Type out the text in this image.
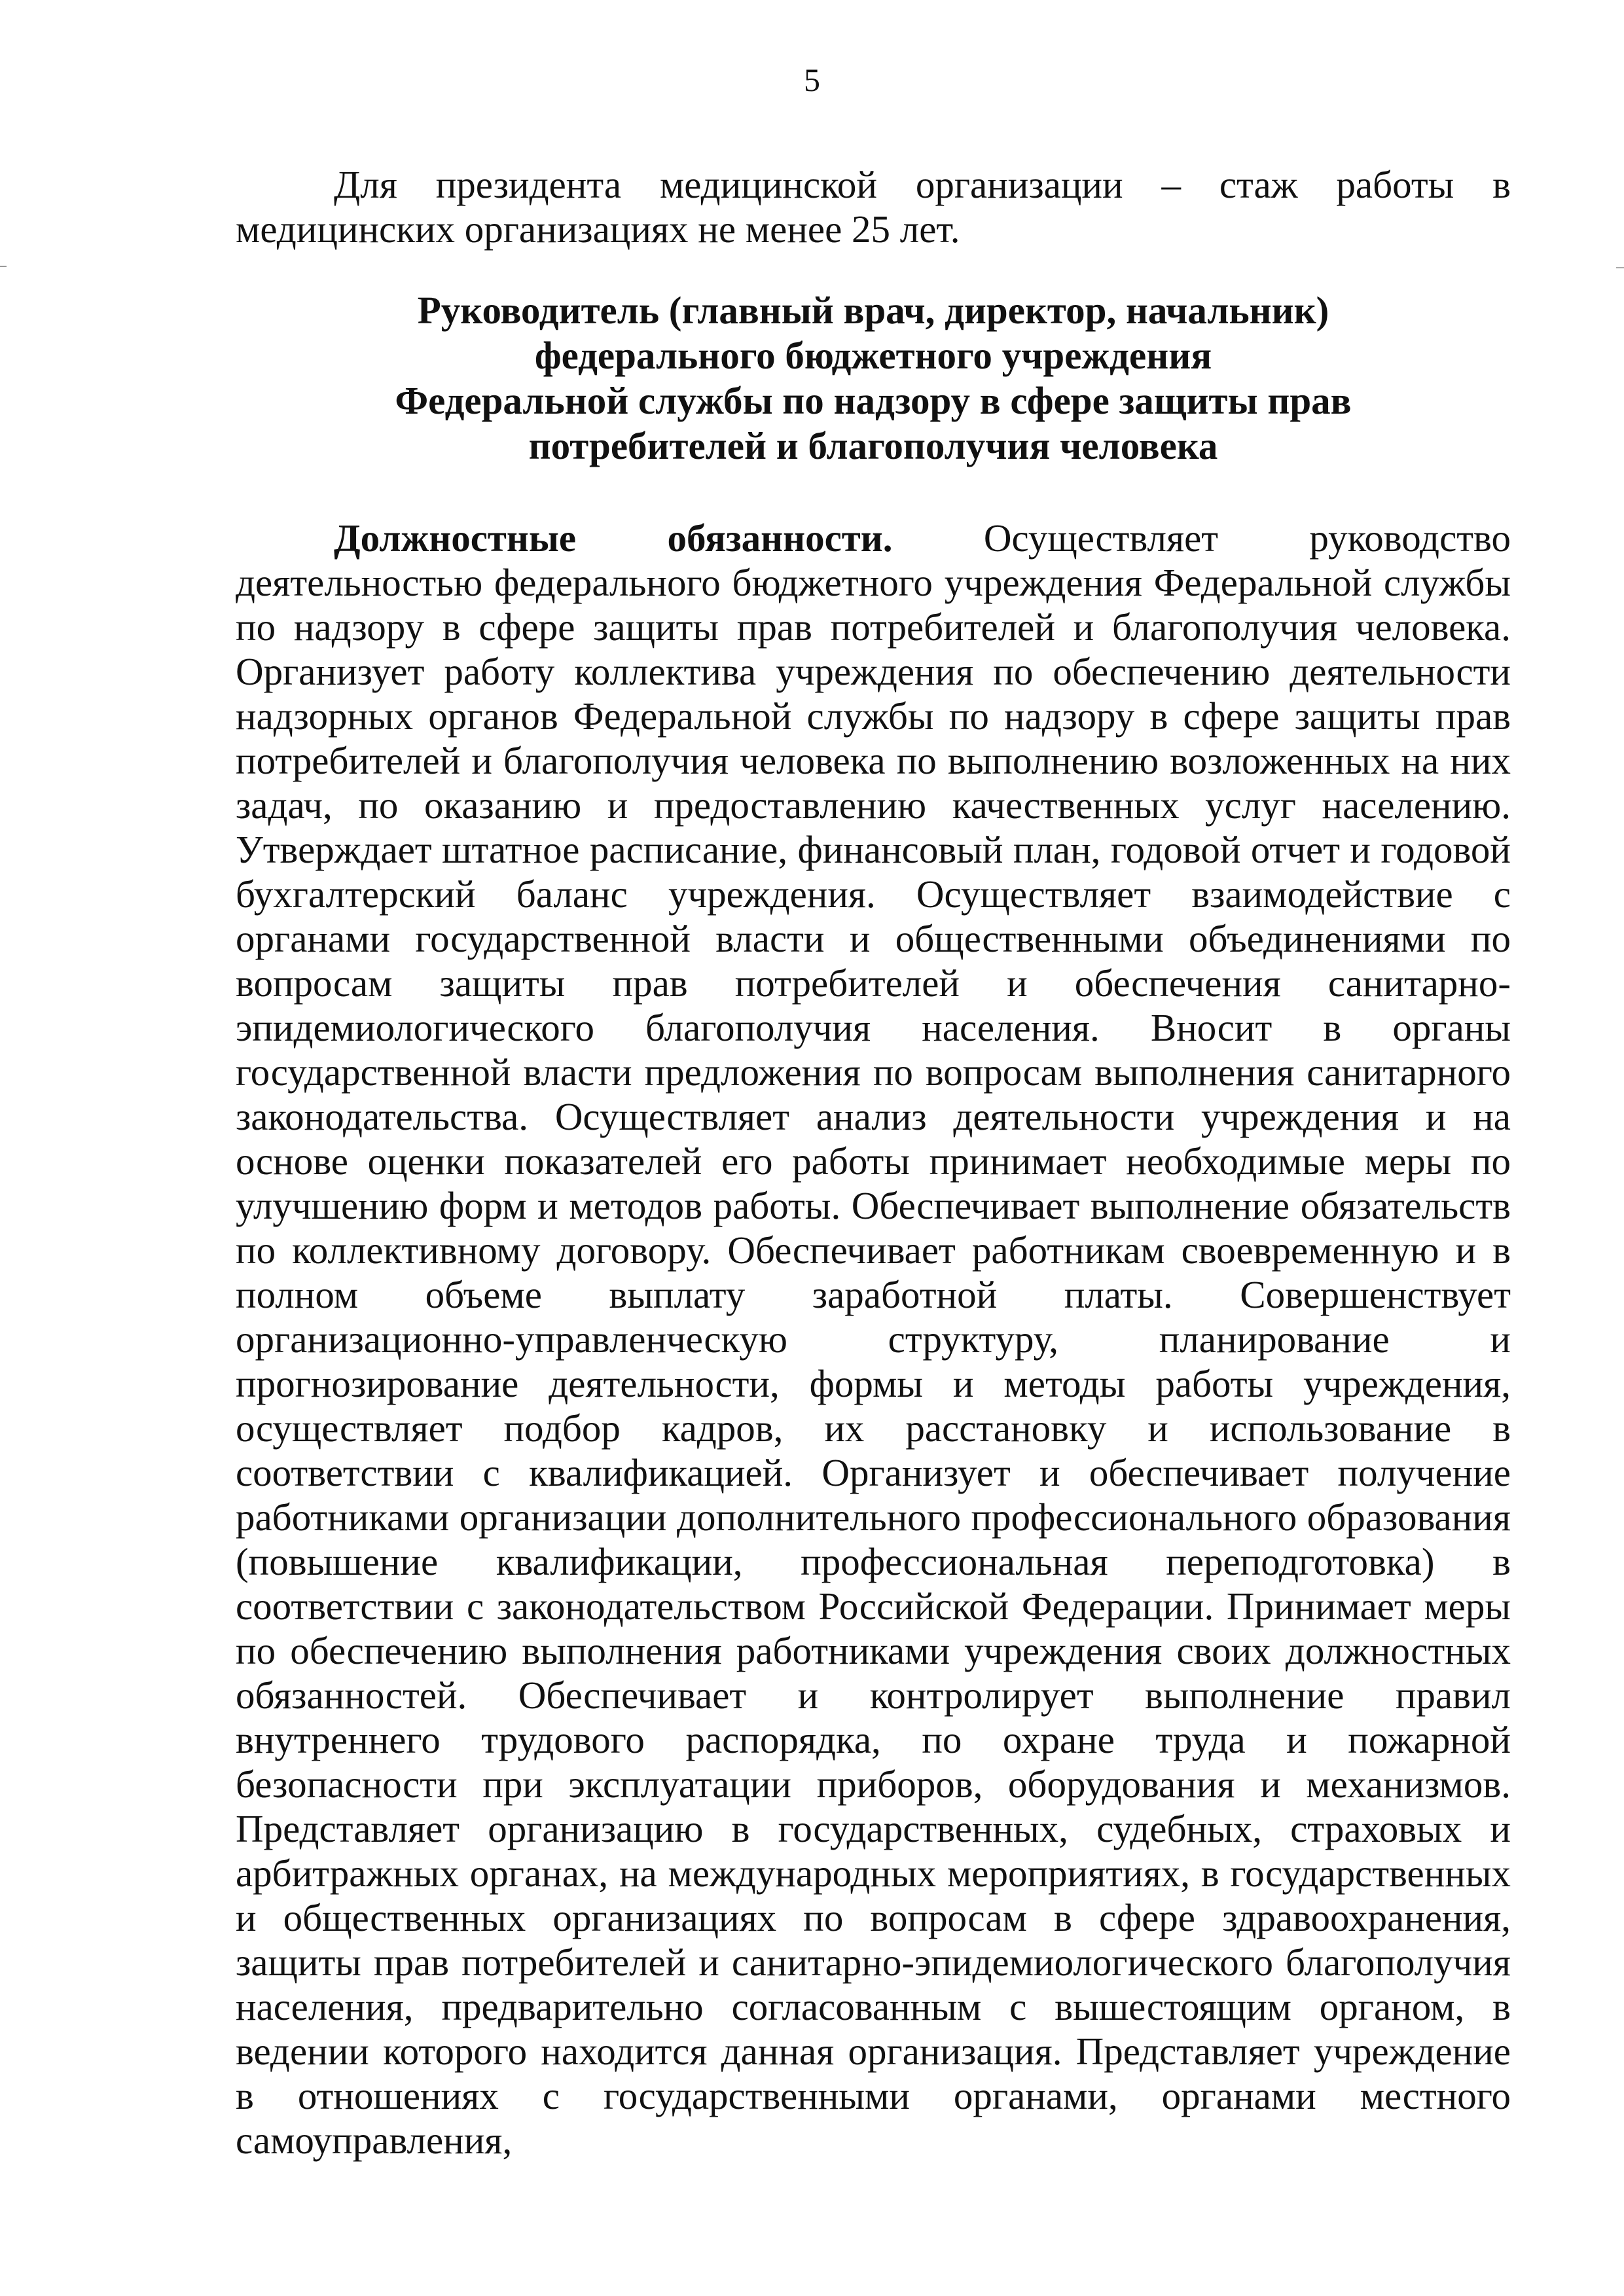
5

Для президента медицинской организации – стаж работы в медицинских организациях не менее 25 лет.

Руководитель (главный врач, директор, начальник)
федерального бюджетного учреждения
Федеральной службы по надзору в сфере защиты прав
потребителей и благополучия человека

Должностные обязанности. Осуществляет руководство деятельностью федерального бюджетного учреждения Федеральной службы по надзору в сфере защиты прав потребителей и благополучия человека. Организует работу коллектива учреждения по обеспечению деятельности надзорных органов Федеральной службы по надзору в сфере защиты прав потребителей и благополучия человека по выполнению возложенных на них задач, по оказанию и предоставлению качественных услуг населению. Утверждает штатное расписание, финансовый план, годовой отчет и годовой бухгалтерский баланс учреждения. Осуществляет взаимодействие с органами государственной власти и общественными объединениями по вопросам защиты прав потребителей и обеспечения санитарно-эпидемиологического благополучия населения. Вносит в органы государственной власти предложения по вопросам выполнения санитарного законодательства. Осуществляет анализ деятельности учреждения и на основе оценки показателей его работы принимает необходимые меры по улучшению форм и методов работы. Обеспечивает выполнение обязательств по коллективному договору. Обеспечивает работникам своевременную и в полном объеме выплату заработной платы. Совершенствует организационно-управленческую структуру, планирование и прогнозирование деятельности, формы и методы работы учреждения, осуществляет подбор кадров, их расстановку и использование в соответствии с квалификацией. Организует и обеспечивает получение работниками организации дополнительного профессионального образования (повышение квалификации, профессиональная переподготовка) в соответствии с законодательством Российской Федерации. Принимает меры по обеспечению выполнения работниками учреждения своих должностных обязанностей. Обеспечивает и контролирует выполнение правил внутреннего трудового распорядка, по охране труда и пожарной безопасности при эксплуатации приборов, оборудования и механизмов. Представляет организацию в государственных, судебных, страховых и арбитражных органах, на международных мероприятиях, в государственных и общественных организациях по вопросам в сфере здравоохранения, защиты прав потребителей и санитарно-эпидемиологического благополучия населения, предварительно согласованным с вышестоящим органом, в ведении которого находится данная организация. Представляет учреждение в отношениях с государственными органами, органами местного самоуправления,
